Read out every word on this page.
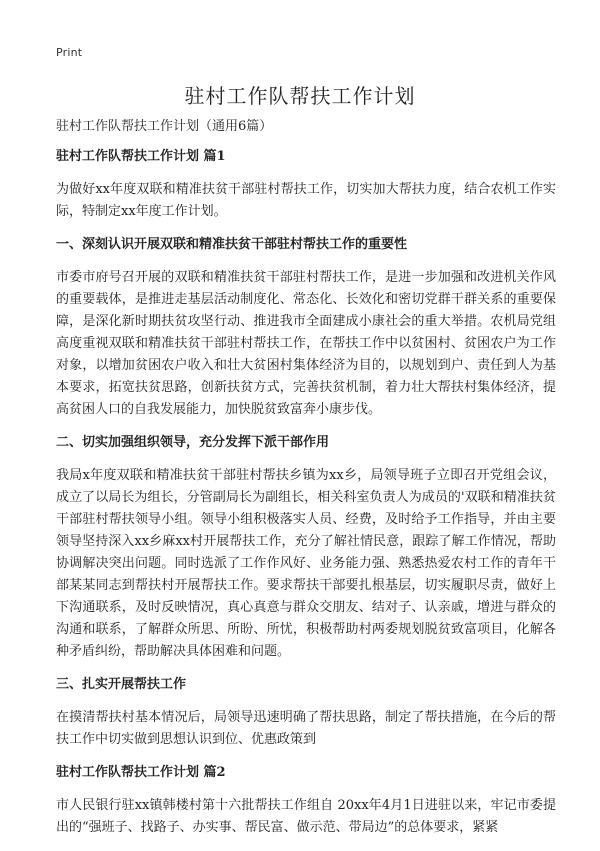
Print
驻村工作队帮扶工作计划

驻村工作队帮扶工作计划（通用6篇）

驻村工作队帮扶工作计划 篇1

为做好xx年度双联和精准扶贫干部驻村帮扶工作，切实加大帮扶力度，结合农机工作实际，特制定xx年度工作计划。

一、深刻认识开展双联和精准扶贫干部驻村帮扶工作的重要性

市委市府号召开展的双联和精准扶贫干部驻村帮扶工作，是进一步加强和改进机关作风的重要载体，是推进走基层活动制度化、常态化、长效化和密切党群干群关系的重要保障，是深化新时期扶贫攻坚行动、推进我市全面建成小康社会的重大举措。农机局党组高度重视双联和精准扶贫干部驻村帮扶工作，在帮扶工作中以贫困村、贫困农户为工作对象，以增加贫困农户收入和壮大贫困村集体经济为目的，以规划到户、责任到人为基本要求，拓宽扶贫思路，创新扶贫方式，完善扶贫机制，着力壮大帮扶村集体经济，提高贫困人口的自我发展能力，加快脱贫致富奔小康步伐。

二、切实加强组织领导，充分发挥下派干部作用

我局x年度双联和精准扶贫干部驻村帮扶乡镇为xx乡，局领导班子立即召开党组会议，成立了以局长为组长，分管副局长为副组长，相关科室负责人为成员的'双联和精准扶贫干部驻村帮扶领导小组。领导小组积极落实人员、经费，及时给予工作指导，并由主要领导坚持深入xx乡麻xx村开展帮扶工作，充分了解社情民意，跟踪了解工作情况，帮助协调解决突出问题。同时选派了工作作风好、业务能力强、熟悉热爱农村工作的青年干部某某同志到帮扶村开展帮扶工作。要求帮扶干部要扎根基层，切实履职尽责，做好上下沟通联系，及时反映情况，真心真意与群众交朋友、结对子、认亲戚，增进与群众的沟通和联系，了解群众所思、所盼、所忧，积极帮助村两委规划脱贫致富项目，化解各种矛盾纠纷，帮助解决具体困难和问题。

三、扎实开展帮扶工作

在摸清帮扶村基本情况后，局领导迅速明确了帮扶思路，制定了帮扶措施，在今后的帮扶工作中切实做到思想认识到位、优惠政策到

驻村工作队帮扶工作计划 篇2

市人民银行驻xx镇韩楼村第十六批帮扶工作组自 20xx年4月1日进驻以来，牢记市委提出的“强班子、找路子、办实事、帮民富、做示范、带局边”的总体要求，紧紧
